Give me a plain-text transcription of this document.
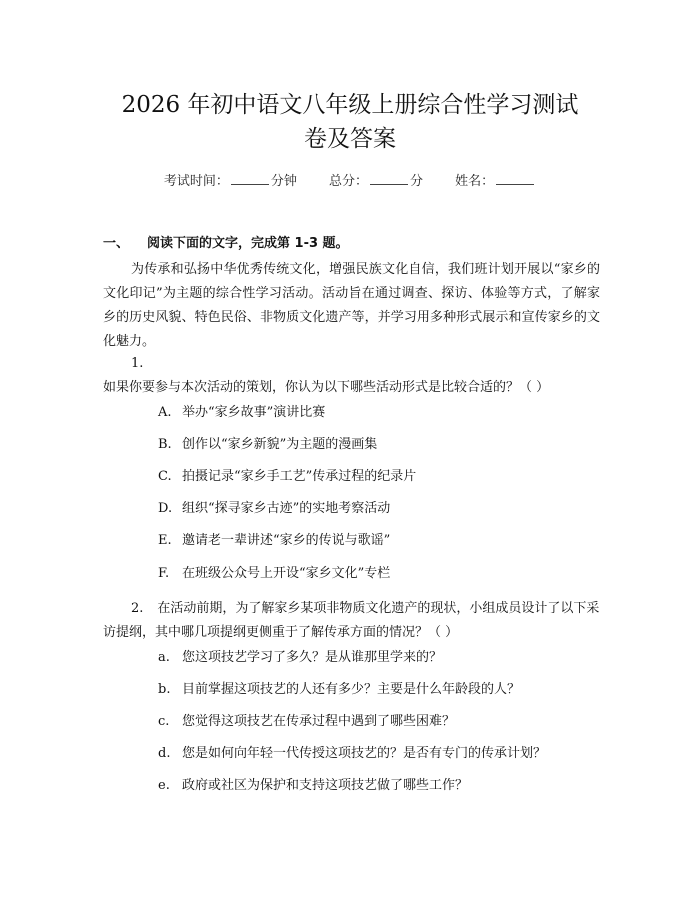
2026 年初中语文八年级上册综合性学习测试
卷及答案
考试时间：	分钟 总分：	分 姓名：
一、 阅读下面的文字，完成第 1-3 题。
为传承和弘扬中华优秀传统文化，增强民族文化自信，我们班计划开展以“家乡的文化印记”为主题的综合性学习活动。活动旨在通过调查、探访、体验等方式，了解家乡的历史风貌、特色民俗、非物质文化遗产等，并学习用多种形式展示和宣传家乡的文化魅力。
1.如果你要参与本次活动的策划，你认为以下哪些活动形式是比较合适的？（ ）
A. 举办“家乡故事”演讲比赛
B. 创作以“家乡新貌”为主题的漫画集
C. 拍摄记录“家乡手工艺”传承过程的纪录片
D. 组织“探寻家乡古迹”的实地考察活动
E. 邀请老一辈讲述“家乡的传说与歌谣”
F. 在班级公众号上开设“家乡文化”专栏
2. 在活动前期，为了解家乡某项非物质文化遗产的现状，小组成员设计了以下采访提纲，其中哪几项提纲更侧重于了解传承方面的情况？（ ）
a. 您这项技艺学习了多久？是从谁那里学来的？
b. 目前掌握这项技艺的人还有多少？主要是什么年龄段的人？
c. 您觉得这项技艺在传承过程中遇到了哪些困难？
d. 您是如何向年轻一代传授这项技艺的？是否有专门的传承计划？
e. 政府或社区为保护和支持这项技艺做了哪些工作？
